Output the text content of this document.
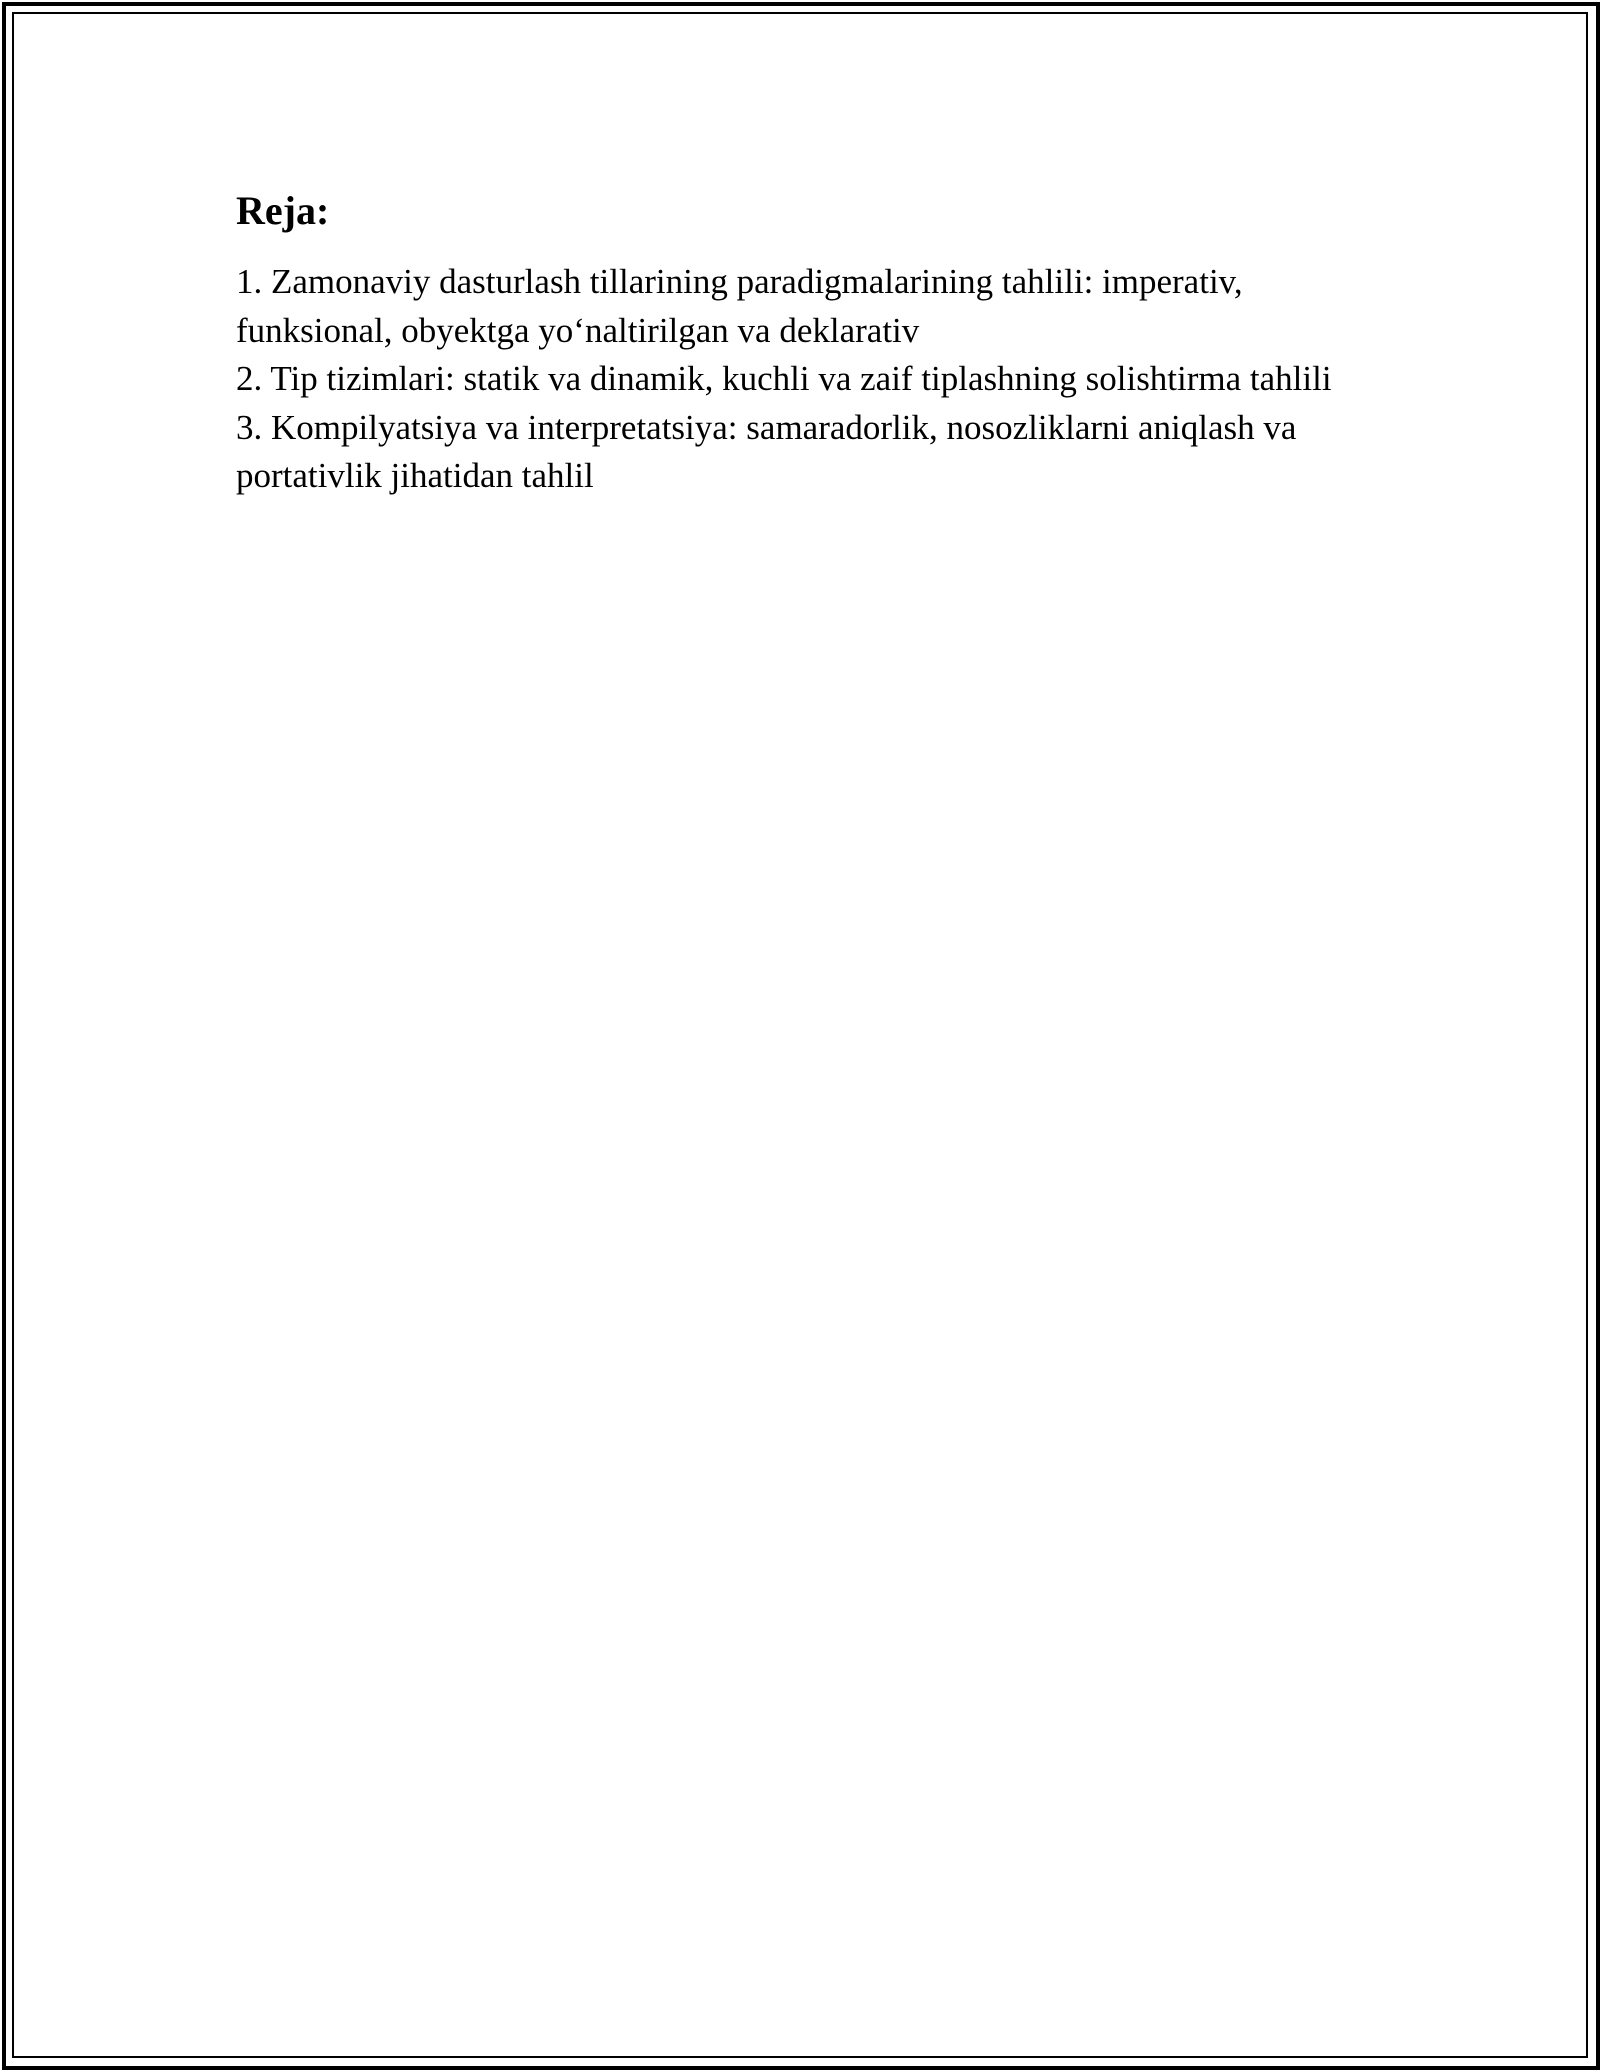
Reja:

1. Zamonaviy dasturlash tillarining paradigmalarining tahlili: imperativ, funksional, obyektga yo‘naltirilgan va deklarativ

2. Tip tizimlari: statik va dinamik, kuchli va zaif tiplashning solishtirma tahlili

3. Kompilyatsiya va interpretatsiya: samaradorlik, nosozliklarni aniqlash va portativlik jihatidan tahlil
